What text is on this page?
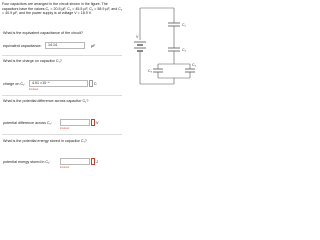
Four capacitors are arranged in the circuit shown in the figure. The capacitors have the values C₁ = 20.5 µF, C₂ = 45.5 µF, C₃ = 58.9 µF, and C₄ = 40.9 µF, and the power supply is at voltage V = 18.9 V.
C₁
C₂
C₃
C₄
V
What is the equivalent capacitance of the circuit?
equivalent capacitance:
14.14	µF
What is the charge on capacitor C₁?
charge on C₁:
4.01 ×10⁻⁴	C
Incorrect
What is the potential difference across capacitor C₁?
potential difference across C₁:	V
Incorrect
What is the potential energy stored in capacitor C₁?
potential energy stored in C₁:	J
Incorrect
